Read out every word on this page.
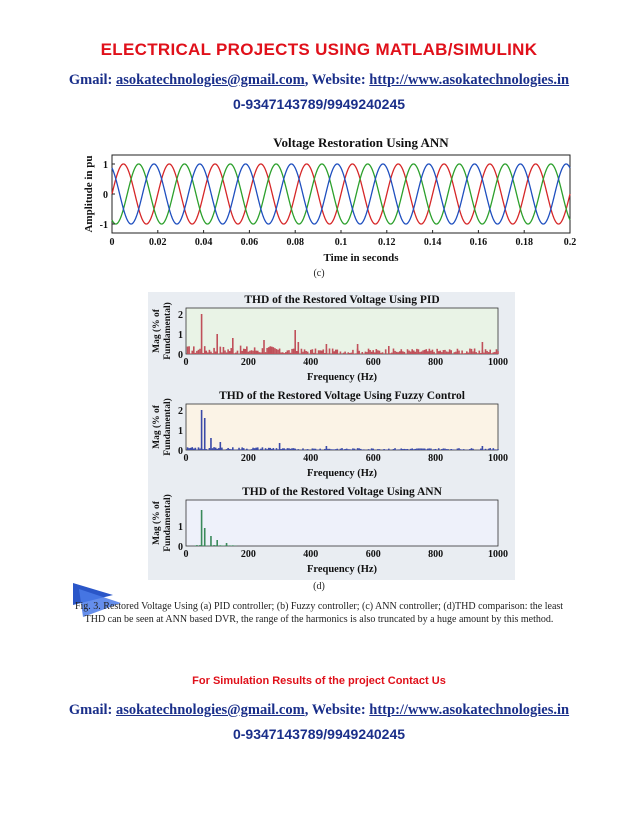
ELECTRICAL PROJECTS USING MATLAB/SIMULINK
Gmail: asokatechnologies@gmail.com, Website: http://www.asokatechnologies.in
0-9347143789/9949240245
Voltage Restoration Using ANN
0	0.02	0.04	0.06	0.08	0.1	0.12	0.14	0.16	0.18	0.2
1
0
-1
Time in seconds
Amplitude in pu
(c)
THD of the Restored Voltage Using PID
0	200	400	600	800	1000
2
1
0
Frequency (Hz)
Mag (% of Fundamental)
THD of the Restored Voltage Using Fuzzy Control
0	200	400	600	800	1000
2
1
0
Frequency (Hz)
Mag (% of Fundamental)
THD of the Restored Voltage Using ANN
0	200	400	600	800	1000
1
0
Frequency (Hz)
Mag (% of Fundamental)
(d)
Fig. 3. Restored Voltage Using (a) PID controller; (b) Fuzzy controller; (c) ANN controller; (d)THD comparison: the least THD can be seen at ANN based DVR, the range of the harmonics is also truncated by a huge amount by this method.
For Simulation Results of the project Contact Us
Gmail: asokatechnologies@gmail.com, Website: http://www.asokatechnologies.in
0-9347143789/9949240245
